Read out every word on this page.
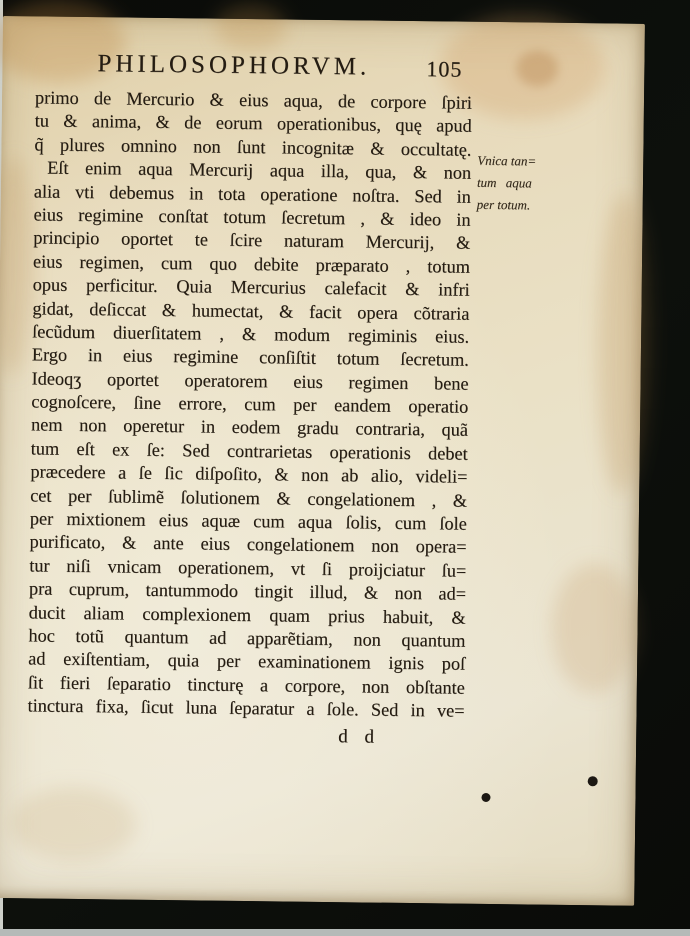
PHILOSOPHORVM.	105
primo de Mercurio & eius aqua, de corpore ſpiri
tu & anima, & de eorum operationibus, quę apud
q̃ plures omnino non ſunt incognitæ & occultatę.
Eſt enim aqua Mercurij aqua illa, qua, & non
alia vti debemus in tota operatione noſtra. Sed in
eius regimine conſtat totum ſecretum , & ideo in
principio oportet te ſcire naturam Mercurij, &
eius regimen, cum quo debite præparato , totum
opus perficitur. Quia Mercurius calefacit & infri
gidat, deſiccat & humectat, & facit opera cõtraria
ſecũdum diuerſitatem , & modum regiminis eius.
Ergo in eius regimine conſiſtit totum ſecretum.
Ideoqʒ oportet operatorem eius regimen bene
cognoſcere, ſine errore, cum per eandem operatio
nem non operetur in eodem gradu contraria, quã
tum eſt ex ſe: Sed contrarietas operationis debet
præcedere a ſe ſic diſpoſito, & non ab alio, videli=
cet per ſublimẽ ſolutionem & congelationem , &
per mixtionem eius aquæ cum aqua ſolis, cum ſole
purificato, & ante eius congelationem non opera=
tur niſi vnicam operationem, vt ſi proijciatur ſu=
pra cuprum, tantummodo tingit illud, & non ad=
ducit aliam complexionem quam prius habuit, &
hoc totũ quantum ad apparẽtiam, non quantum
ad exiſtentiam, quia per examinationem ignis poſ
ſit fieri ſeparatio tincturę a corpore, non obſtante
tinctura fixa, ſicut luna ſeparatur a ſole. Sed in ve=
Vnica tan=
tum aqua
per totum.
d d
